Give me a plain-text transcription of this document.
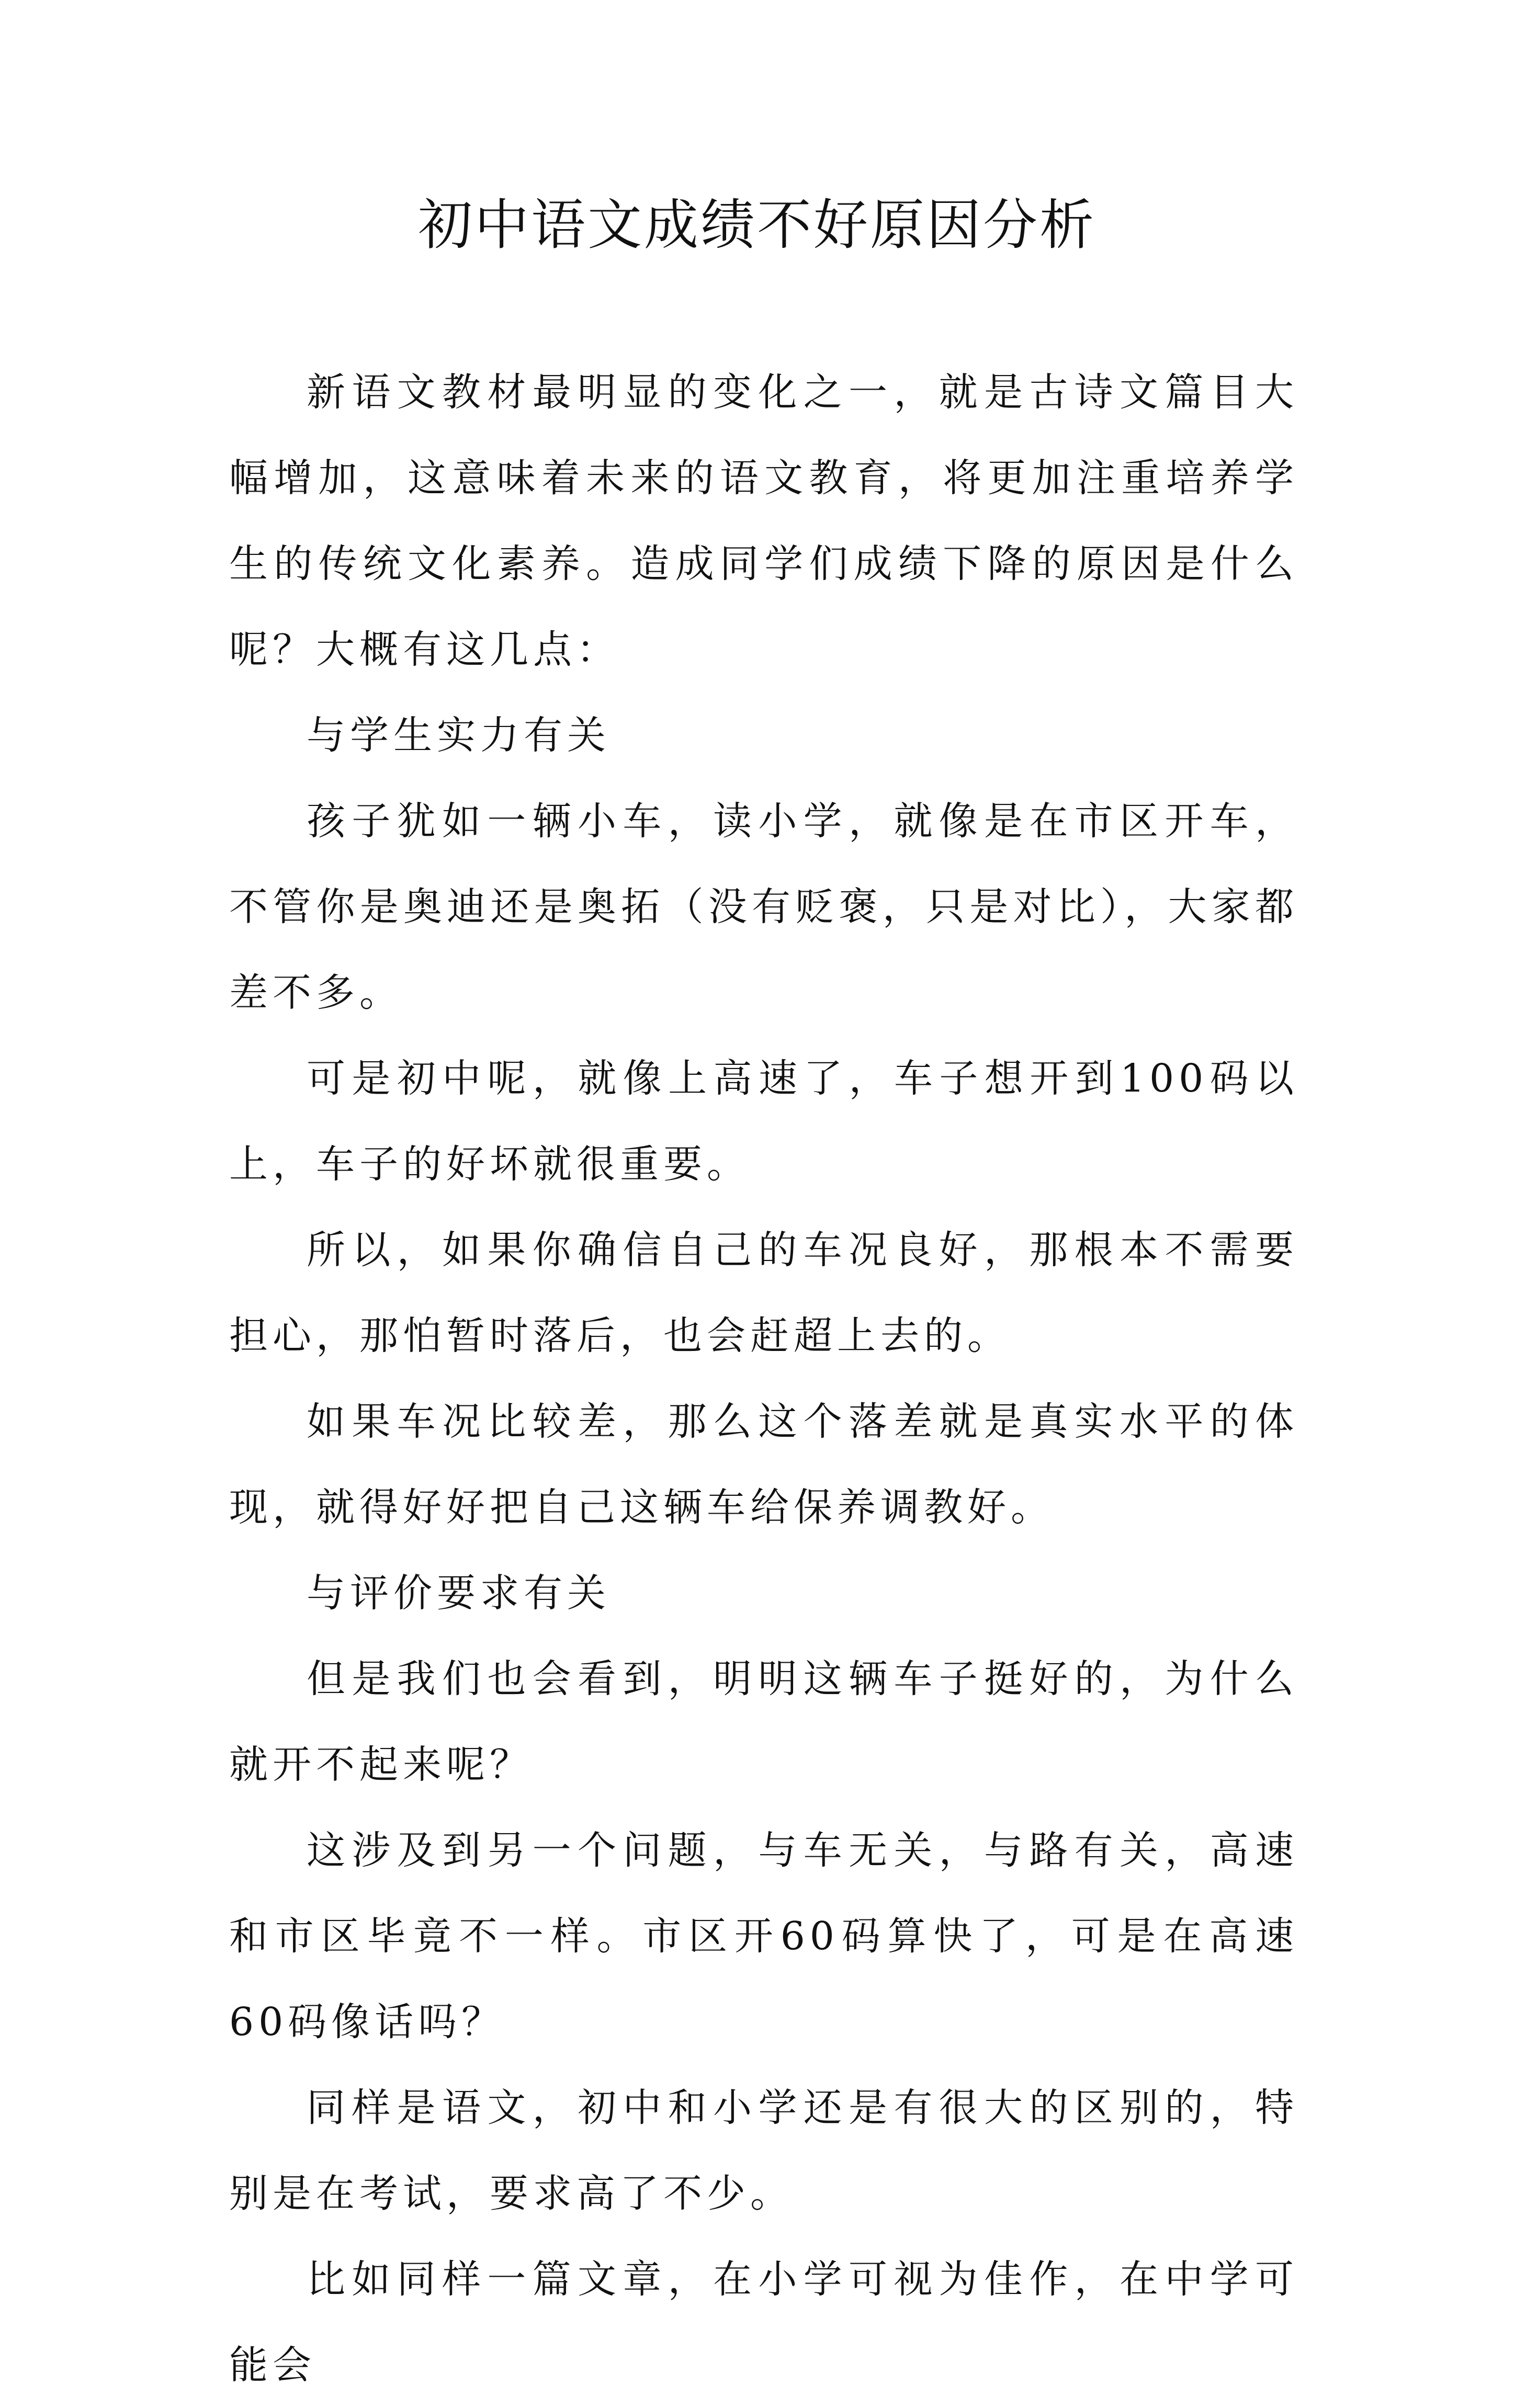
初中语文成绩不好原因分析

新语文教材最明显的变化之一，就是古诗文篇目大幅增加，这意味着未来的语文教育，将更加注重培养学生的传统文化素养。造成同学们成绩下降的原因是什么呢？大概有这几点：

与学生实力有关

孩子犹如一辆小车，读小学，就像是在市区开车，不管你是奥迪还是奥拓（没有贬褒，只是对比），大家都差不多。

可是初中呢，就像上高速了，车子想开到100码以上，车子的好坏就很重要。

所以，如果你确信自己的车况良好，那根本不需要担心，那怕暂时落后，也会赶超上去的。

如果车况比较差，那么这个落差就是真实水平的体现，就得好好把自己这辆车给保养调教好。

与评价要求有关

但是我们也会看到，明明这辆车子挺好的，为什么就开不起来呢？

这涉及到另一个问题，与车无关，与路有关，高速和市区毕竟不一样。市区开60码算快了，可是在高速60码像话吗？

同样是语文，初中和小学还是有很大的区别的，特别是在考试，要求高了不少。

比如同样一篇文章，在小学可视为佳作，在中学可能会
